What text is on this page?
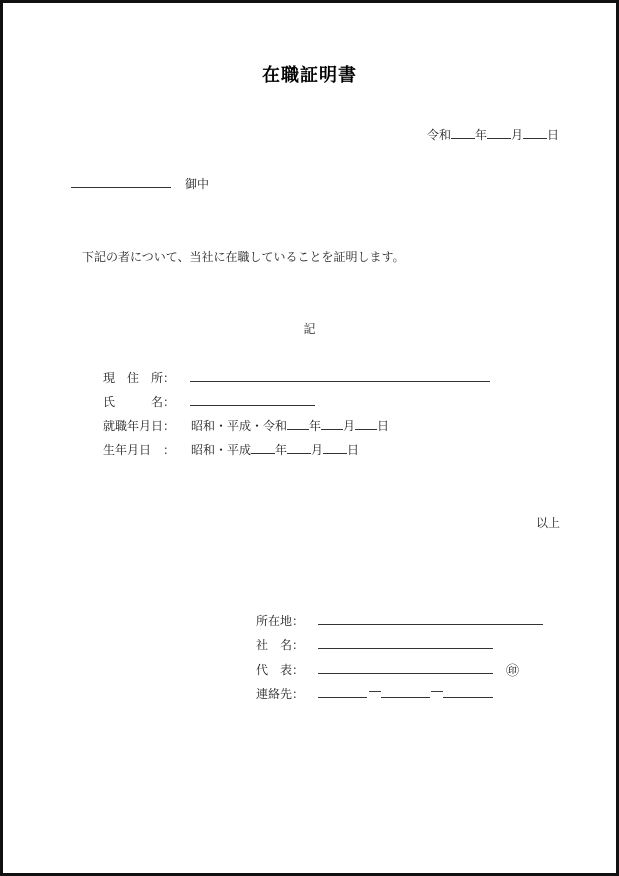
在職証明書
令和 年 月 日
御中
下記の者について、当社に在職していることを証明します。
記
現　住　所：
氏　　　名：
就職年月日： 昭和・平成・令和 年 月 日
生年月日　： 昭和・平成 年 月 日
以上
所在地：
社　名：
代　表：	㊞
連絡先：	―	―
